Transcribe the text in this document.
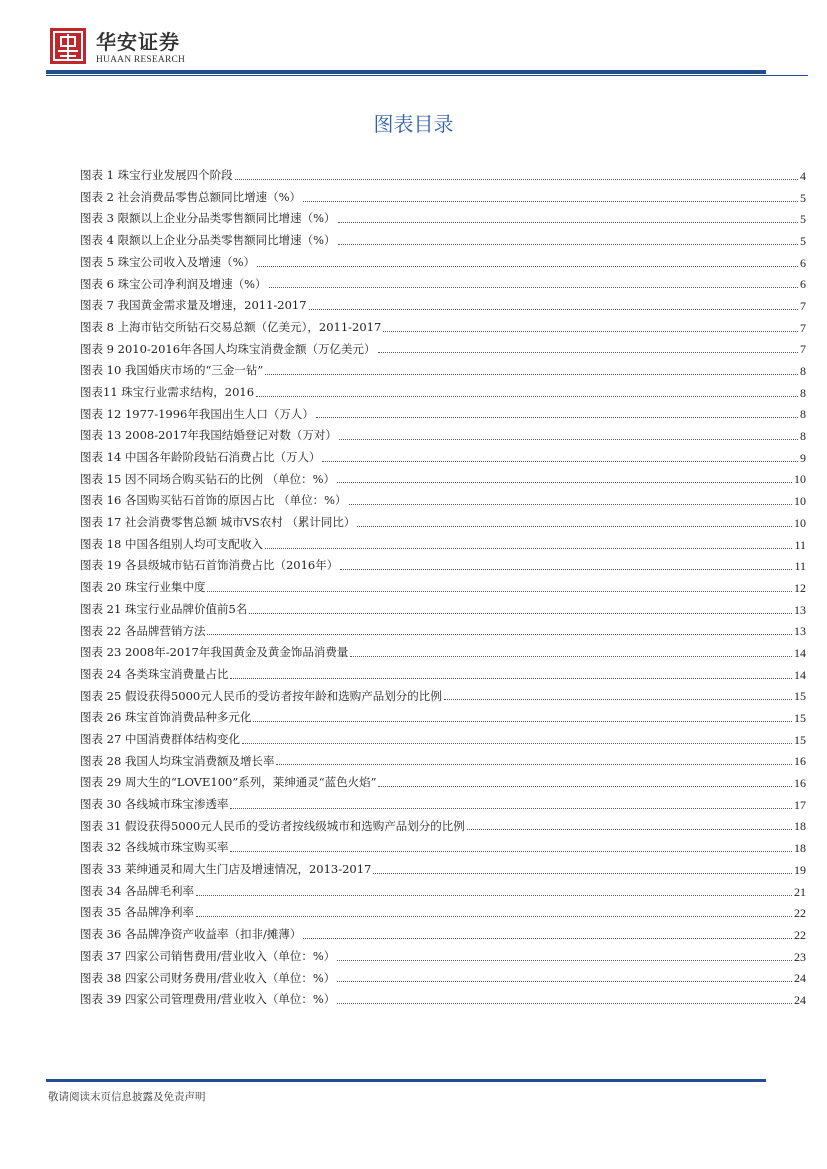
华安证券
HUAAN RESEARCH
图表目录
图表 1 珠宝行业发展四个阶段	4
图表 2 社会消费品零售总额同比增速（%）	5
图表 3 限额以上企业分品类零售额同比增速（%）	5
图表 4 限额以上企业分品类零售额同比增速（%）	5
图表 5 珠宝公司收入及增速（%）	6
图表 6 珠宝公司净利润及增速（%）	6
图表 7 我国黄金需求量及增速，2011-2017	7
图表 8 上海市钻交所钻石交易总额（亿美元），2011-2017	7
图表 9 2010-2016年各国人均珠宝消费金额（万亿美元）	7
图表 10 我国婚庆市场的“三金一钻”	8
图表11 珠宝行业需求结构，2016	8
图表 12 1977-1996年我国出生人口（万人）	8
图表 13 2008-2017年我国结婚登记对数（万对）	8
图表 14 中国各年龄阶段钻石消费占比（万人）	9
图表 15 因不同场合购买钻石的比例 （单位：%）	10
图表 16 各国购买钻石首饰的原因占比 （单位：%）	10
图表 17 社会消费零售总额 城市VS农村 （累计同比）	10
图表 18 中国各组别人均可支配收入	11
图表 19 各县级城市钻石首饰消费占比（2016年）	11
图表 20 珠宝行业集中度	12
图表 21 珠宝行业品牌价值前5名	13
图表 22 各品牌营销方法	13
图表 23 2008年-2017年我国黄金及黄金饰品消费量	14
图表 24 各类珠宝消费量占比	14
图表 25 假设获得5000元人民币的受访者按年龄和选购产品划分的比例	15
图表 26 珠宝首饰消费品种多元化	15
图表 27 中国消费群体结构变化	15
图表 28 我国人均珠宝消费额及增长率	16
图表 29 周大生的“LOVE100”系列，莱绅通灵“蓝色火焰”	16
图表 30 各线城市珠宝渗透率	17
图表 31 假设获得5000元人民币的受访者按线级城市和选购产品划分的比例	18
图表 32 各线城市珠宝购买率	18
图表 33 莱绅通灵和周大生门店及增速情况，2013-2017	19
图表 34 各品牌毛利率	21
图表 35 各品牌净利率	22
图表 36 各品牌净资产收益率（扣非/摊薄）	22
图表 37 四家公司销售费用/营业收入（单位：%）	23
图表 38 四家公司财务费用/营业收入（单位：%）	24
图表 39 四家公司管理费用/营业收入（单位：%）	24
敬请阅读末页信息披露及免责声明
